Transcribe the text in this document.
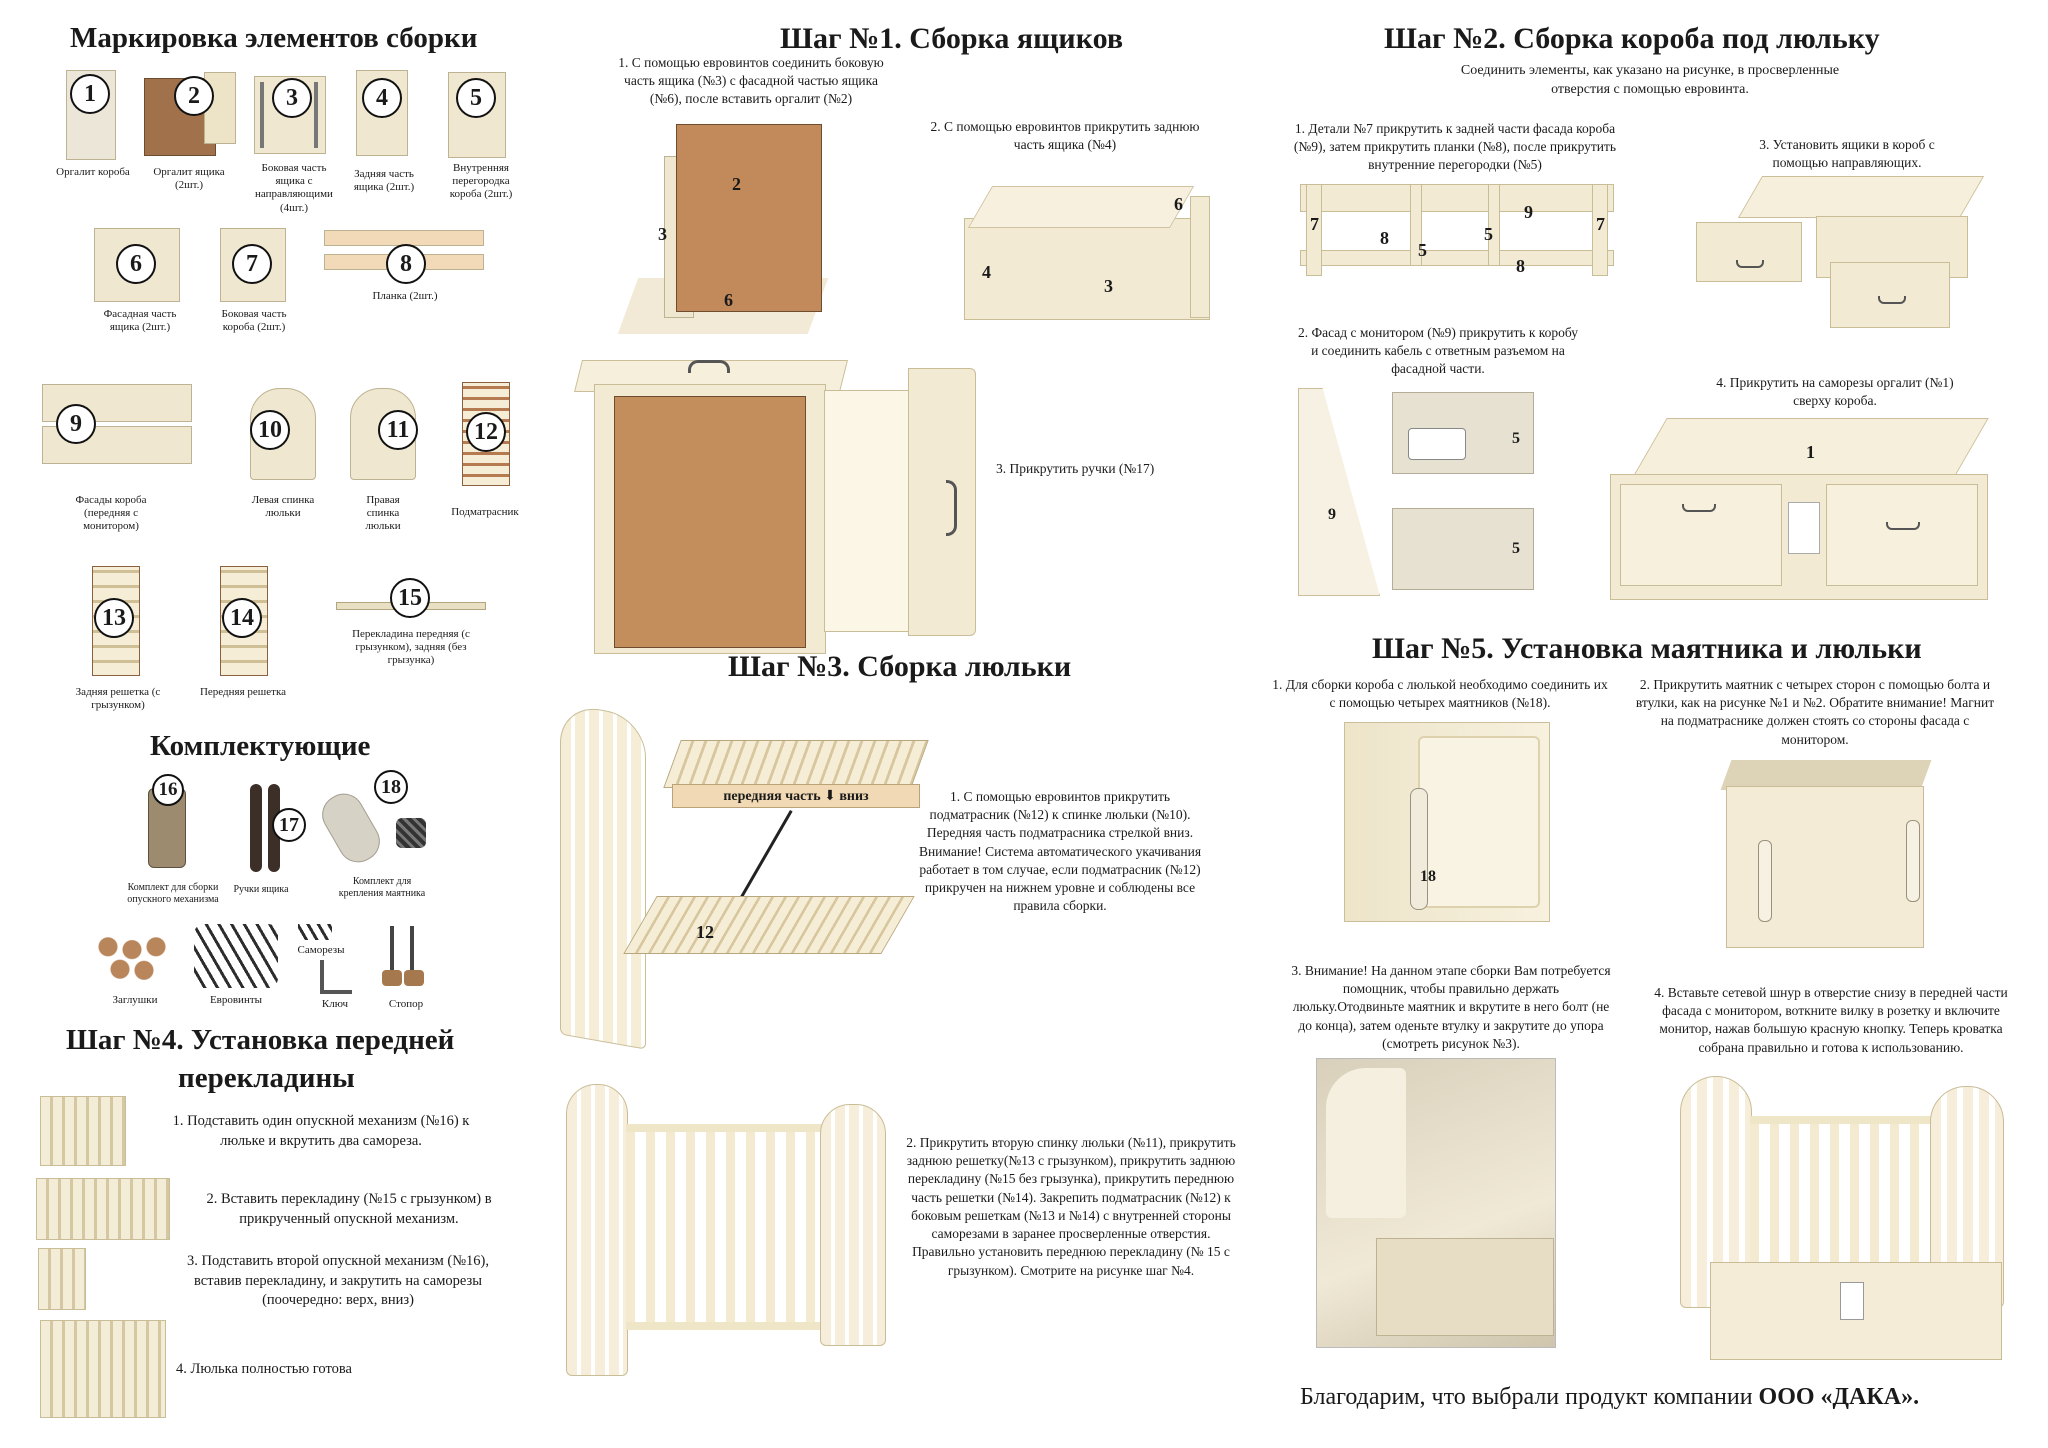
Маркировка элементов сборки
1
Оргалит короба
2
Оргалит ящика (2шт.)
3
Боковая часть ящика с направляющими (4шт.)
4
Задняя часть ящика (2шт.)
5
Внутренняя перегородка короба (2шт.)
6
Фасадная часть ящика (2шт.)
7
Боковая часть короба (2шт.)
8
Планка (2шт.)
9
Фасады короба (передняя с монитором)
10
Левая спинка люльки
11
Правая спинка люльки
12
Подматрасник
13
Задняя решетка (с грызунком)
14
Передняя решетка
15
Перекладина передняя (с грызунком), задняя (без грызунка)
Комплектующие
16
Комплект для сборки опускного механизма
17
Ручки ящика
18
Комплект для крепления маятника
Заглушки	Евровинты
Саморезы
Ключ	Стопор
Шаг №4. Установка передней
перекладины
1. Подставить один опускной механизм (№16) к люльке и вкрутить два самореза.
2. Вставить перекладину (№15 с грызунком) в прикрученный опускной механизм.
3. Подставить второй опускной механизм (№16), вставив перекладину, и закрутить на саморезы (поочередно: верх, вниз)
4. Люлька полностью готова
Шаг №1. Сборка ящиков
1. С помощью евровинтов соединить боковую часть ящика (№3) с фасадной частью ящика (№6), после вставить оргалит (№2)
2
3
6
2. С помощью евровинтов прикрутить заднюю часть ящика (№4)
6
4
3
3. Прикрутить ручки (№17)
Шаг №3. Сборка люльки
передняя часть ⬇ вниз
12
1. С помощью евровинтов прикрутить подматрасник (№12) к спинке люльки (№10). Передняя часть подматрасника стрелкой вниз. Внимание! Система автоматического укачивания работает в том случае, если подматрасник (№12) прикручен на нижнем уровне и соблюдены все правила сборки.
2. Прикрутить вторую спинку люльки (№11), прикрутить заднюю решетку(№13 с грызунком), прикрутить заднюю перекладину (№15 без грызунка), прикрутить переднюю часть решетки (№14). Закрепить подматрасник (№12) к боковым решеткам (№13 и №14) с внутренней стороны саморезами в заранее просверленные отверстия. Правильно установить переднюю перекладину (№ 15 с грызунком). Смотрите на рисунке шаг №4.
Шаг №2. Сборка короба под люльку
Соединить элементы, как указано на рисунке, в просверленные отверстия с помощью евровинта.
1. Детали №7 прикрутить к задней части фасада короба (№9), затем прикрутить планки (№8), после прикрутить внутренние перегородки (№5)
7
8
5
5
9
7
8
2. Фасад с монитором (№9) прикрутить к коробу и соединить кабель с ответным разъемом на фасадной части.
5
9
5
3. Установить ящики в короб с помощью направляющих.
4. Прикрутить на саморезы оргалит (№1) сверху короба.
1
Шаг №5. Установка маятника и люльки
1. Для сборки короба с люлькой необходимо соединить их с помощью четырех маятников (№18).
2. Прикрутить маятник с четырех сторон с помощью болта и втулки, как на рисунке №1 и №2. Обратите внимание! Магнит на подматраснике должен стоять со стороны фасада с монитором.
18
3. Внимание! На данном этапе сборки Вам потребуется помощник, чтобы правильно держать люльку.Отодвиньте маятник и вкрутите в него болт (не до конца), затем оденьте втулку и закрутите до упора (смотреть рисунок №3).
4. Вставьте сетевой шнур в отверстие снизу в передней части фасада с монитором, воткните вилку в розетку и включите монитор, нажав большую красную кнопку. Теперь кроватка собрана правильно и готова к использованию.
Благодарим, что выбрали продукт компании ООО «ДАКА».
